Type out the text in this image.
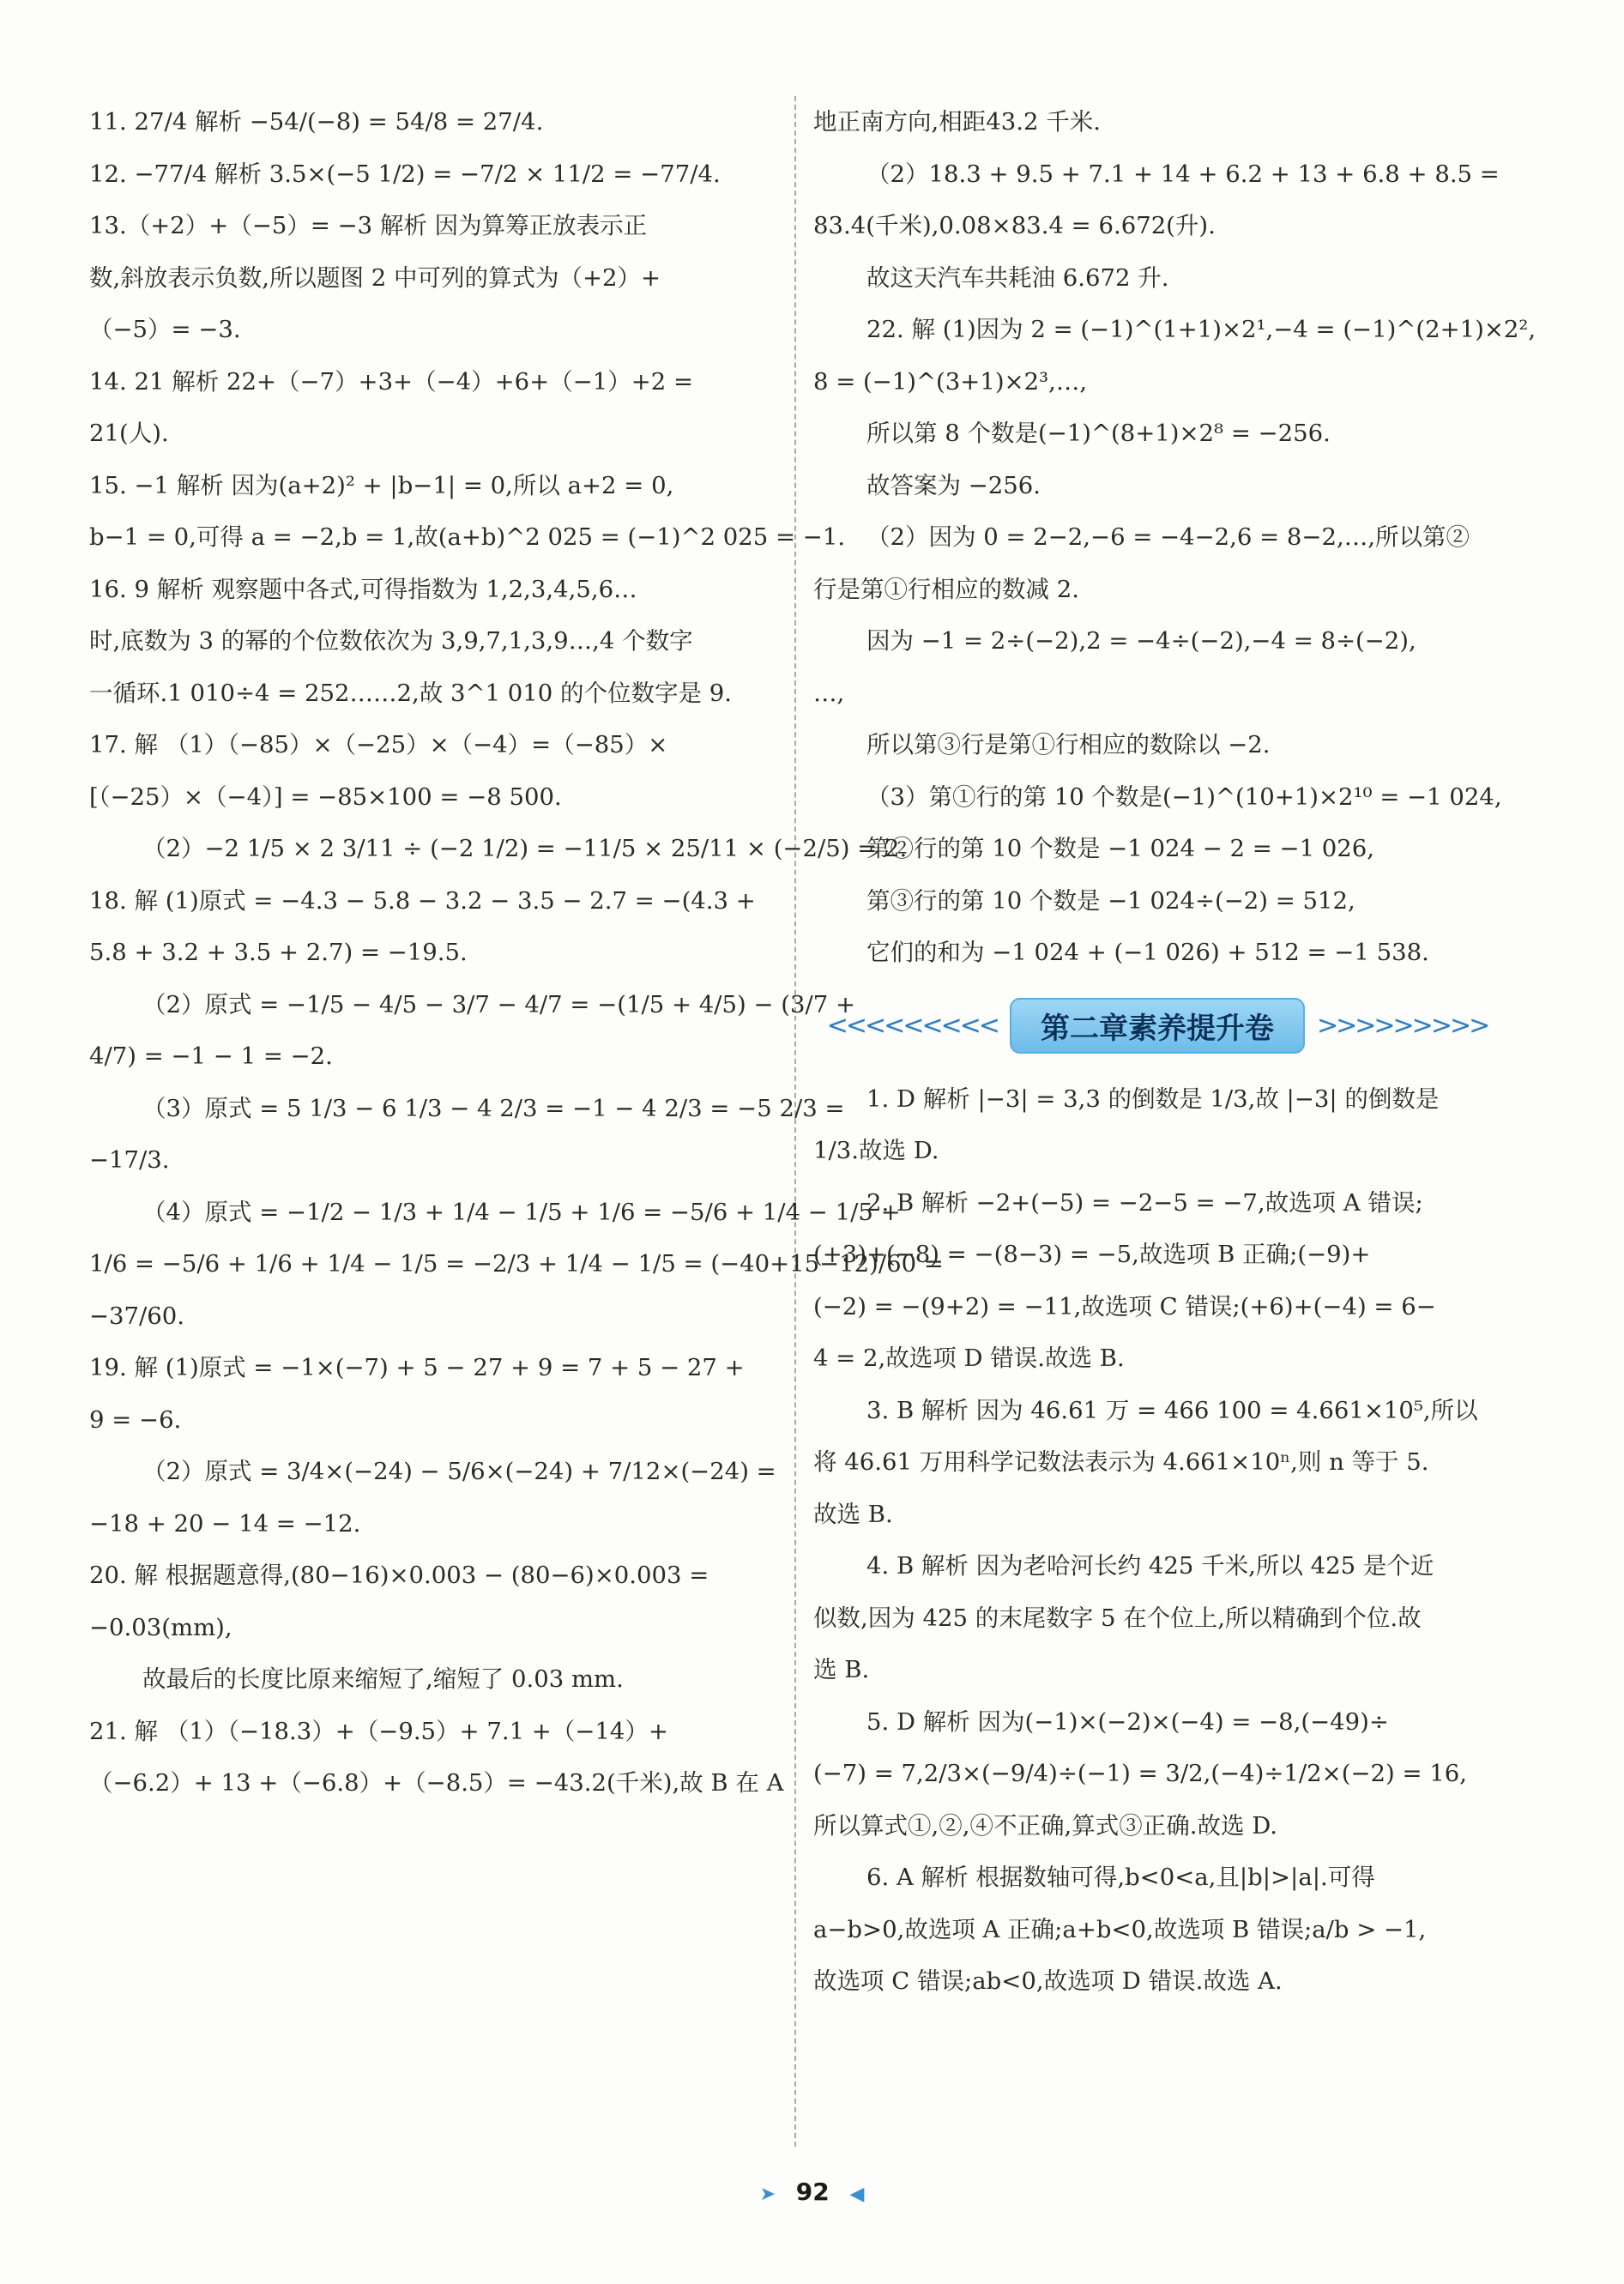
11. 27/4 解析 −54/(−8) = 54/8 = 27/4.
12. −77/4 解析 3.5×(−5 1/2) = −7/2 × 11/2 = −77/4.
13.（+2）+（−5）= −3 解析 因为算筹正放表示正
数,斜放表示负数,所以题图 2 中可列的算式为（+2）+
（−5）= −3.
14. 21 解析 22+（−7）+3+（−4）+6+（−1）+2 =
21(人).
15. −1 解析 因为(a+2)² + |b−1| = 0,所以 a+2 = 0,
b−1 = 0,可得 a = −2,b = 1,故(a+b)^2 025 = (−1)^2 025 = −1.
16. 9 解析 观察题中各式,可得指数为 1,2,3,4,5,6…
时,底数为 3 的幂的个位数依次为 3,9,7,1,3,9…,4 个数字
一循环.1 010÷4 = 252……2,故 3^1 010 的个位数字是 9.
17. 解 （1）（−85）×（−25）×（−4）=（−85）×
[（−25）×（−4）] = −85×100 = −8 500.
（2）−2 1/5 × 2 3/11 ÷ (−2 1/2) = −11/5 × 25/11 × (−2/5) = 2.
18. 解 (1)原式 = −4.3 − 5.8 − 3.2 − 3.5 − 2.7 = −(4.3 +
5.8 + 3.2 + 3.5 + 2.7) = −19.5.
（2）原式 = −1/5 − 4/5 − 3/7 − 4/7 = −(1/5 + 4/5) − (3/7 +
4/7) = −1 − 1 = −2.
（3）原式 = 5 1/3 − 6 1/3 − 4 2/3 = −1 − 4 2/3 = −5 2/3 =
−17/3.
（4）原式 = −1/2 − 1/3 + 1/4 − 1/5 + 1/6 = −5/6 + 1/4 − 1/5 +
1/6 = −5/6 + 1/6 + 1/4 − 1/5 = −2/3 + 1/4 − 1/5 = (−40+15−12)/60 =
−37/60.
19. 解 (1)原式 = −1×(−7) + 5 − 27 + 9 = 7 + 5 − 27 +
9 = −6.
（2）原式 = 3/4×(−24) − 5/6×(−24) + 7/12×(−24) =
−18 + 20 − 14 = −12.
20. 解 根据题意得,(80−16)×0.003 − (80−6)×0.003 =
−0.03(mm),
故最后的长度比原来缩短了,缩短了 0.03 mm.
21. 解 （1）（−18.3）+（−9.5）+ 7.1 +（−14）+
（−6.2）+ 13 +（−6.8）+（−8.5）= −43.2(千米),故 B 在 A
地正南方向,相距43.2 千米.
（2）18.3 + 9.5 + 7.1 + 14 + 6.2 + 13 + 6.8 + 8.5 =
83.4(千米),0.08×83.4 = 6.672(升).
故这天汽车共耗油 6.672 升.
22. 解 (1)因为 2 = (−1)^(1+1)×2¹,−4 = (−1)^(2+1)×2²,
8 = (−1)^(3+1)×2³,…,
所以第 8 个数是(−1)^(8+1)×2⁸ = −256.
故答案为 −256.
（2）因为 0 = 2−2,−6 = −4−2,6 = 8−2,…,所以第②
行是第①行相应的数减 2.
因为 −1 = 2÷(−2),2 = −4÷(−2),−4 = 8÷(−2),
…,
所以第③行是第①行相应的数除以 −2.
（3）第①行的第 10 个数是(−1)^(10+1)×2¹⁰ = −1 024,
第②行的第 10 个数是 −1 024 − 2 = −1 026,
第③行的第 10 个数是 −1 024÷(−2) = 512,
它们的和为 −1 024 + (−1 026) + 512 = −1 538.
<<<<<<<<<	第二章素养提升卷	>>>>>>>>>
1. D 解析 |−3| = 3,3 的倒数是 1/3,故 |−3| 的倒数是
1/3.故选 D.
2. B 解析 −2+(−5) = −2−5 = −7,故选项 A 错误;
(+3)+(−8) = −(8−3) = −5,故选项 B 正确;(−9)+
(−2) = −(9+2) = −11,故选项 C 错误;(+6)+(−4) = 6−
4 = 2,故选项 D 错误.故选 B.
3. B 解析 因为 46.61 万 = 466 100 = 4.661×10⁵,所以
将 46.61 万用科学记数法表示为 4.661×10ⁿ,则 n 等于 5.
故选 B.
4. B 解析 因为老哈河长约 425 千米,所以 425 是个近
似数,因为 425 的末尾数字 5 在个位上,所以精确到个位.故
选 B.
5. D 解析 因为(−1)×(−2)×(−4) = −8,(−49)÷
(−7) = 7,2/3×(−9/4)÷(−1) = 3/2,(−4)÷1/2×(−2) = 16,
所以算式①,②,④不正确,算式③正确.故选 D.
6. A 解析 根据数轴可得,b<0<a,且|b|>|a|.可得
a−b>0,故选项 A 正确;a+b<0,故选项 B 错误;a/b > −1,
故选项 C 错误;ab<0,故选项 D 错误.故选 A.
➤ 92 ◀
